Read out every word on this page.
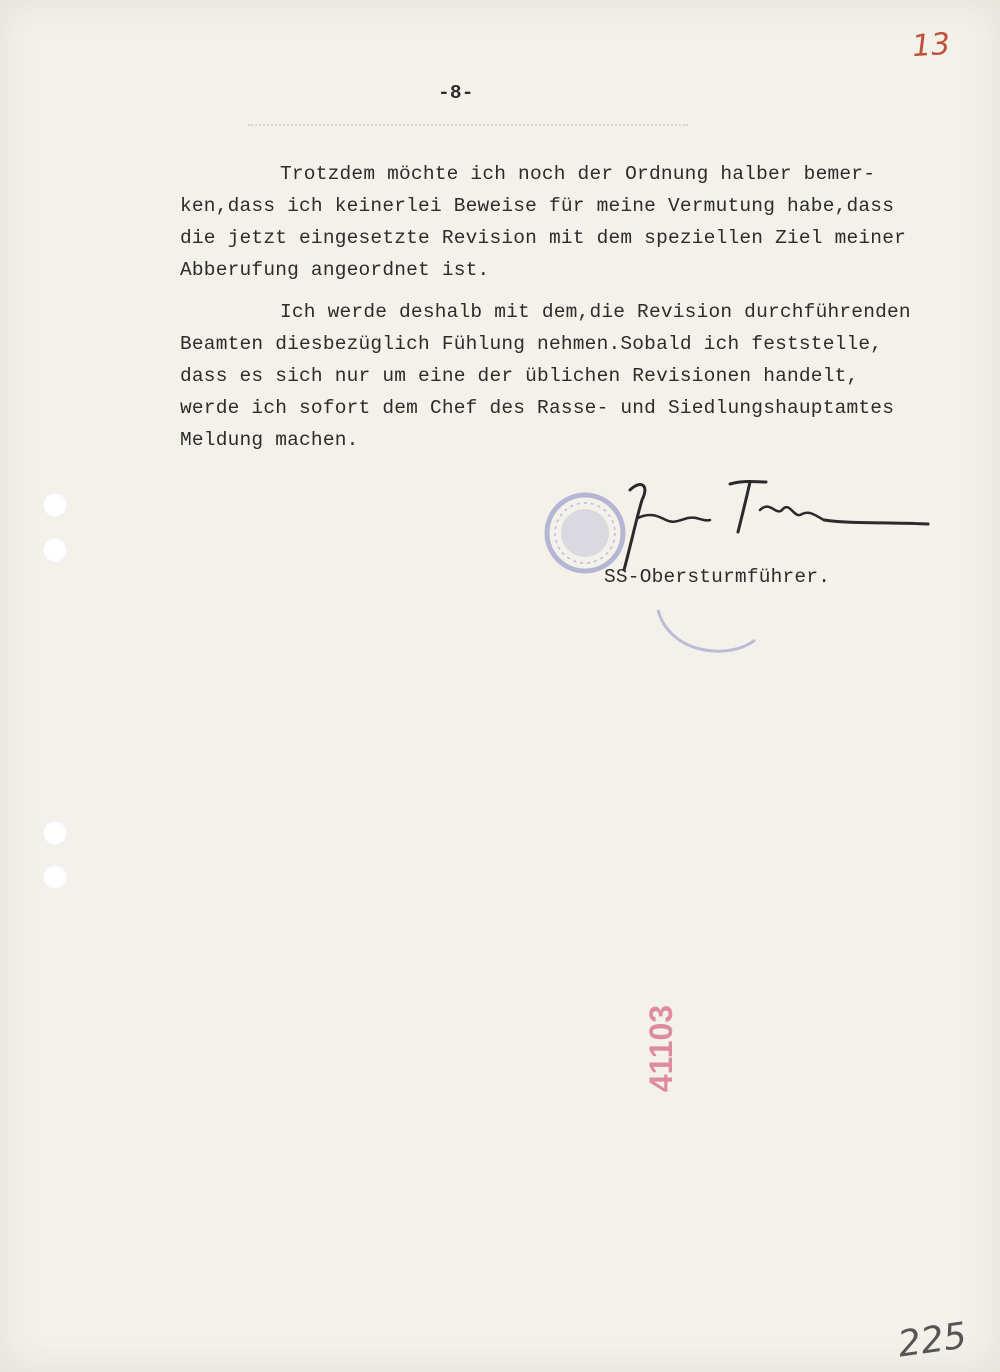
13
-8-
Trotzdem möchte ich noch der Ordnung halber bemer-
ken,dass ich keinerlei Beweise für meine Vermutung habe,dass
die jetzt eingesetzte Revision mit dem speziellen Ziel meiner
Abberufung angeordnet ist.
Ich werde deshalb mit dem,die Revision durchführenden
Beamten diesbezüglich Fühlung nehmen.Sobald ich feststelle,
dass es sich nur um eine der üblichen Revisionen handelt,
werde ich sofort dem Chef des Rasse- und Siedlungshauptamtes
Meldung machen.
SS-Obersturmführer.
41103
225
